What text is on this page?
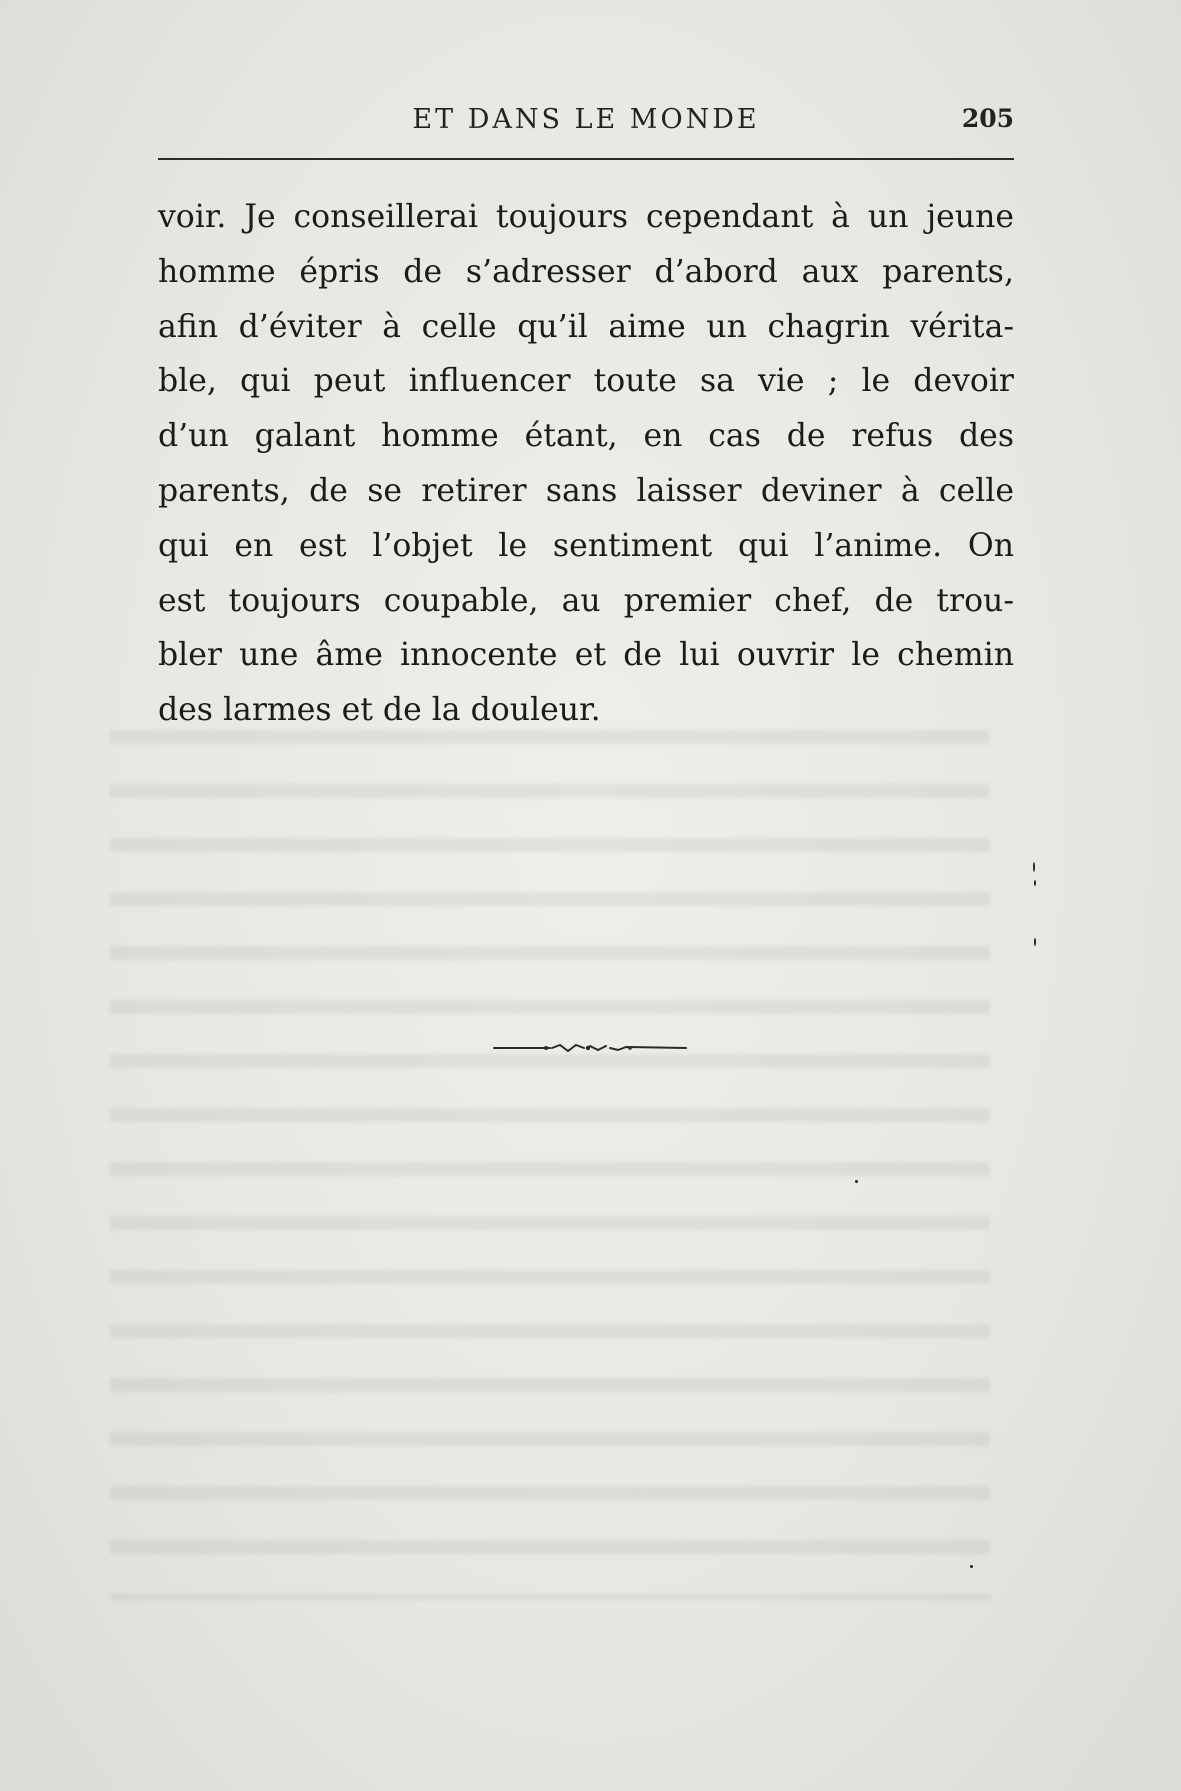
ET DANS LE MONDE	205
voir. Je conseillerai toujours cependant à un jeune
homme épris de s’adresser d’abord aux parents,
afin d’éviter à celle qu’il aime un chagrin vérita-
ble, qui peut influencer toute sa vie ; le devoir
d’un galant homme étant, en cas de refus des
parents, de se retirer sans laisser deviner à celle
qui en est l’objet le sentiment qui l’anime. On
est toujours coupable, au premier chef, de trou-
bler une âme innocente et de lui ouvrir le chemin
des larmes et de la douleur.
